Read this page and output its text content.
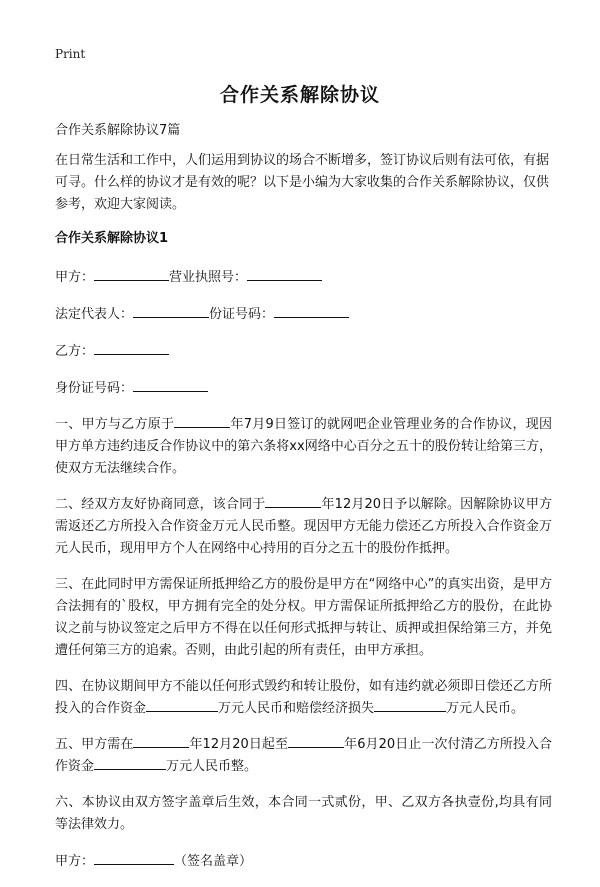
Print
合作关系解除协议

合作关系解除协议7篇

在日常生活和工作中，人们运用到协议的场合不断增多，签订协议后则有法可依，有据可寻。什么样的协议才是有效的呢？以下是小编为大家收集的合作关系解除协议，仅供参考，欢迎大家阅读。

合作关系解除协议1

甲方：	营业执照号：

法定代表人：	份证号码：

乙方：

身份证号码：

一、甲方与乙方原于	年7月9日签订的就网吧企业管理业务的合作协议，现因甲方单方违约违反合作协议中的第六条将xx网络中心百分之五十的股份转让给第三方，使双方无法继续合作。

二、经双方友好协商同意，该合同于	年12月20日予以解除。因解除协议甲方需返还乙方所投入合作资金万元人民币整。现因甲方无能力偿还乙方所投入合作资金万元人民币，现用甲方个人在网络中心持用的百分之五十的股份作抵押。

三、在此同时甲方需保证所抵押给乙方的股份是甲方在“网络中心”的真实出资，是甲方合法拥有的`股权，甲方拥有完全的处分权。甲方需保证所抵押给乙方的股份，在此协议之前与协议签定之后甲方不得在以任何形式抵押与转让、质押或担保给第三方，并免遭任何第三方的追索。否则，由此引起的所有责任，由甲方承担。

四、在协议期间甲方不能以任何形式毁约和转让股份，如有违约就必须即日偿还乙方所投入的合作资金	万元人民币和赔偿经济损失	万元人民币。

五、甲方需在	年12月20日起至	年6月20日止一次付清乙方所投入合作资金	万元人民币整。

六、本协议由双方签字盖章后生效，本合同一式贰份，甲、乙双方各执壹份,均具有同等法律效力。

甲方：	（签名盖章）
